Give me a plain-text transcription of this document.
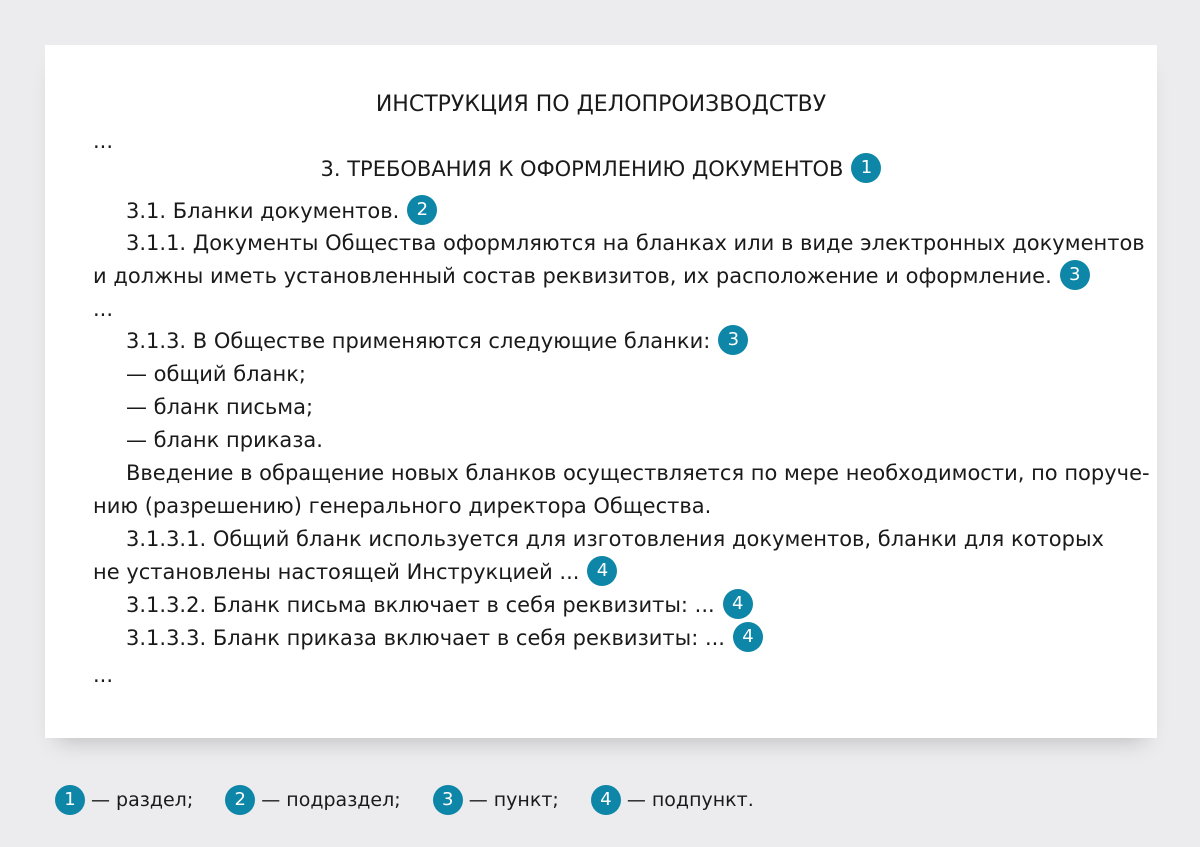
ИНСТРУКЦИЯ ПО ДЕЛОПРОИЗВОДСТВУ
...
3. ТРЕБОВАНИЯ К ОФОРМЛЕНИЮ ДОКУМЕНТОВ 1
3.1. Бланки документов. 2
3.1.1. Документы Общества оформляются на бланках или в виде электронных документов
и должны иметь установленный состав реквизитов, их расположение и оформление. 3
...
3.1.3. В Обществе применяются следующие бланки: 3
— общий бланк;
— бланк письма;
— бланк приказа.
Введение в обращение новых бланков осуществляется по мере необходимости, по поруче-
нию (разрешению) генерального директора Общества.
3.1.3.1. Общий бланк используется для изготовления документов, бланки для которых
не установлены настоящей Инструкцией ... 4
3.1.3.2. Бланк письма включает в себя реквизиты: ... 4
3.1.3.3. Бланк приказа включает в себя реквизиты: ... 4
...
1 — раздел; 2 — подраздел; 3 — пункт; 4 — подпункт.
